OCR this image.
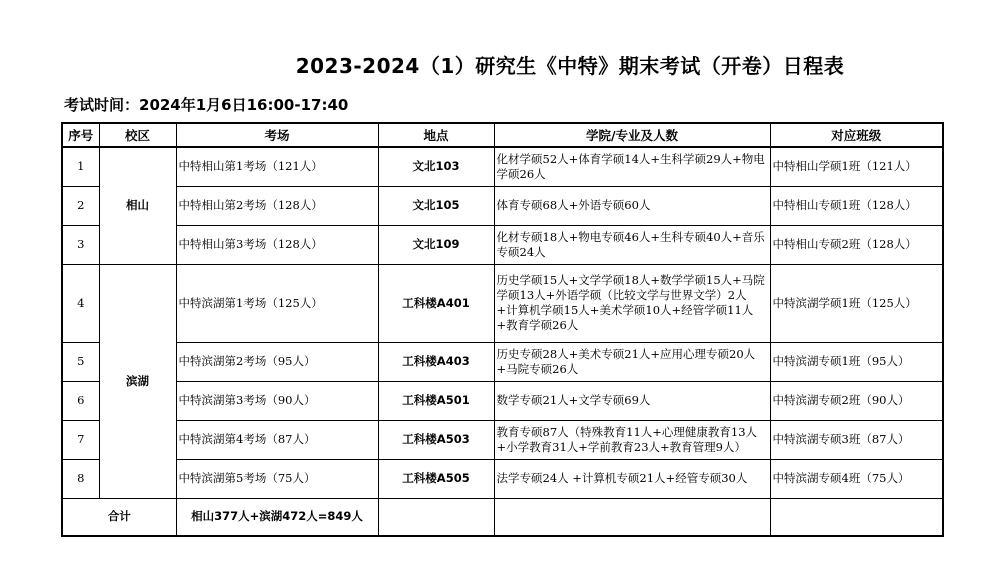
2023-2024（1）研究生《中特》期末考试（开卷）日程表
考试时间：2024年1月6日16:00-17:40
序号	校区	考场	地点	学院/专业及人数	对应班级
1	相山	中特相山第1考场（121人）	文北103	化材学硕52人+体育学硕14人+生科学硕29人+物电学硕26人	中特相山学硕1班（121人）
2		中特相山第2考场（128人）	文北105	体育专硕68人+外语专硕60人	中特相山专硕1班（128人）
3		中特相山第3考场（128人）	文北109	化材专硕18人+物电专硕46人+生科专硕40人+音乐专硕24人	中特相山专硕2班（128人）
4	滨湖	中特滨湖第1考场（125人）	工科楼A401	历史学硕15人+文学学硕18人+数学学硕15人+马院学硕13人+外语学硕（比较文学与世界文学）2人+计算机学硕15人+美术学硕10人+经管学硕11人+教育学硕26人	中特滨湖学硕1班（125人）
5		中特滨湖第2考场（95人）	工科楼A403	历史专硕28人+美术专硕21人+应用心理专硕20人+马院专硕26人	中特滨湖专硕1班（95人）
6		中特滨湖第3考场（90人）	工科楼A501	数学专硕21人+文学专硕69人	中特滨湖专硕2班（90人）
7		中特滨湖第4考场（87人）	工科楼A503	教育专硕87人（特殊教育11人+心理健康教育13人+小学教育31人+学前教育23人+教育管理9人）	中特滨湖专硕3班（87人）
8		中特滨湖第5考场（75人）	工科楼A505	法学专硕24人 +计算机专硕21人+经管专硕30人	中特滨湖专硕4班（75人）
合计		相山377人+滨湖472人=849人			
